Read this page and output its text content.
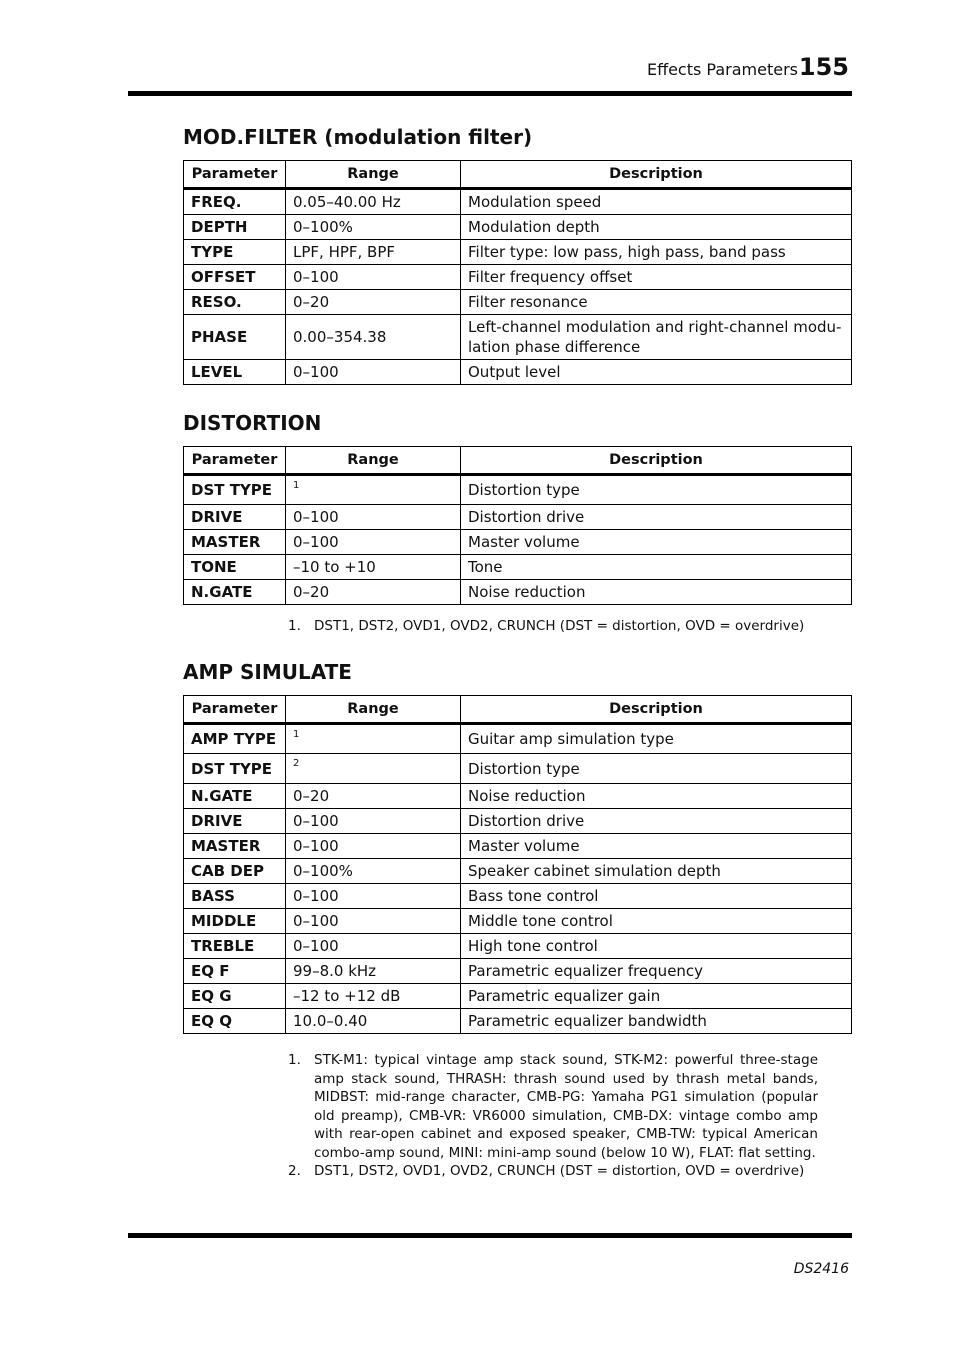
Effects Parameters 155
MOD.FILTER (modulation filter)
Parameter	Range	Description
FREQ.	0.05–40.00 Hz	Modulation speed
DEPTH	0–100%	Modulation depth
TYPE	LPF, HPF, BPF	Filter type: low pass, high pass, band pass
OFFSET	0–100	Filter frequency offset
RESO.	0–20	Filter resonance
PHASE	0.00–354.38	Left-channel modulation and right-channel modu-lation phase difference
LEVEL	0–100	Output level
DISTORTION
Parameter	Range	Description
DST TYPE	1	Distortion type
DRIVE	0–100	Distortion drive
MASTER	0–100	Master volume
TONE	–10 to +10	Tone
N.GATE	0–20	Noise reduction
1. DST1, DST2, OVD1, OVD2, CRUNCH (DST = distortion, OVD = overdrive)
AMP SIMULATE
Parameter	Range	Description
AMP TYPE	1	Guitar amp simulation type
DST TYPE	2	Distortion type
N.GATE	0–20	Noise reduction
DRIVE	0–100	Distortion drive
MASTER	0–100	Master volume
CAB DEP	0–100%	Speaker cabinet simulation depth
BASS	0–100	Bass tone control
MIDDLE	0–100	Middle tone control
TREBLE	0–100	High tone control
EQ F	99–8.0 kHz	Parametric equalizer frequency
EQ G	–12 to +12 dB	Parametric equalizer gain
EQ Q	10.0–0.40	Parametric equalizer bandwidth
1. STK-M1: typical vintage amp stack sound, STK-M2: powerful three-stage amp stack sound, THRASH: thrash sound used by thrash metal bands, MIDBST: mid-range character, CMB-PG: Yamaha PG1 simulation (popular old preamp), CMB-VR: VR6000 simulation, CMB-DX: vintage combo amp with rear-open cabinet and exposed speaker, CMB-TW: typical American combo-amp sound, MINI: mini-amp sound (below 10 W), FLAT: flat setting.
2. DST1, DST2, OVD1, OVD2, CRUNCH (DST = distortion, OVD = overdrive)
DS2416
